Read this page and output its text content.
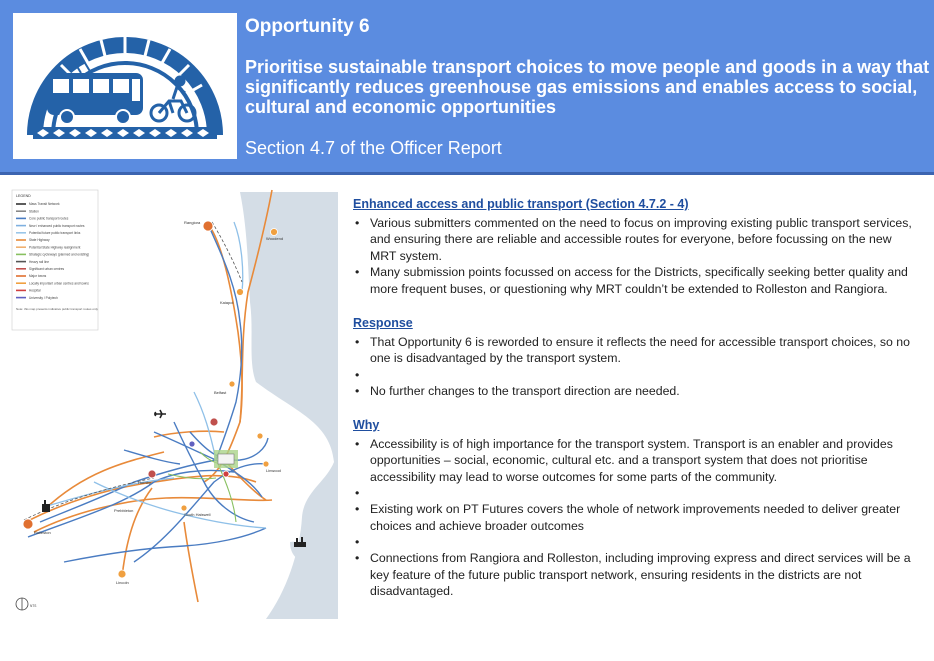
Opportunity 6

Prioritise sustainable transport choices to move people and goods in a way that significantly reduces greenhouse gas emissions and enables access to social, cultural and economic opportunities

Section 4.7 of the Officer Report

LEGEND
Mass Transit Network
Station
Core public transport routes
New / enhanced public transport routes
Potential future public transport links
State Highway
Potential State Highway realignment
Strategic cycleways (planned and existing)
Heavy rail line
Significant urban centres
Major towns
Locally important urban centres and towns
Hospital
University / Polytech
Note: this map presents indicative public transport routes only
Rangiora
Woodend
Kaiapoi
Belfast
Hornby
Rolleston
Prebbleton
Lincoln
South Halswell
Linwood
NTS

Enhanced access and public transport (Section 4.7.2 - 4)

• Various submitters commented on the need to focus on improving existing public transport services, and ensuring there are reliable and accessible routes for everyone, before focussing on the new MRT system.
• Many submission points focussed on access for the Districts, specifically seeking better quality and more frequent buses, or questioning why MRT couldn’t be extended to Rolleston and Rangiora.

Response

• That Opportunity 6 is reworded to ensure it reflects the need for accessible transport choices, so no one is disadvantaged by the transport system.
•
• No further changes to the transport direction are needed.

Why

• Accessibility is of high importance for the transport system. Transport is an enabler and provides opportunities – social, economic, cultural etc. and a transport system that does not prioritise accessibility may lead to worse outcomes for some parts of the community.
•
• Existing work on PT Futures covers the whole of network improvements needed to deliver greater choices and achieve broader outcomes
•
• Connections from Rangiora and Rolleston, including improving express and direct services will be a key feature of the future public transport network, ensuring residents in the districts are not disadvantaged.
